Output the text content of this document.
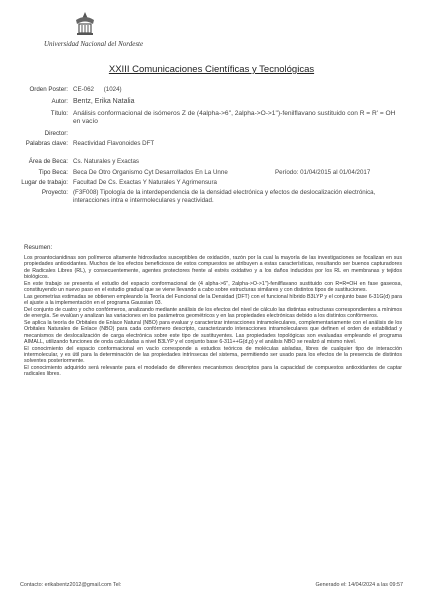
Universidad Nacional del Nordeste
XXIII Comunicaciones Científicas y Tecnológicas
Orden Poster: CE-062 (1024)
Autor: Bentz, Erika Natalia
Título: Análisis conformacional de isómeros Z de (4alpha->6'', 2alpha->O->1'')-fenilflavano sustituido con R = R' = OH en vacío
Director:
Palabras clave: Reactividad Flavonoides DFT
Área de Beca: Cs. Naturales y Exactas
Tipo Beca: Beca De Otro Organismo Cyt Desarrollados En La Unne	Período: 01/04/2015 al 01/04/2017
Lugar de trabajo: Facultad De Cs. Exactas Y Naturales Y Agrimensura
Proyecto: (F3F008) Tipología de la interdependencia de la densidad electrónica y efectos de deslocalización electrónica, interacciones intra e intermoleculares y reactividad.
Resumen:

Los proantocianidinas son polímeros altamente hidroxilados susceptibles de oxidación, razón por la cual la mayoría de las investigaciones se focalizan en sus propiedades antioxidantes. Muchos de los efectos beneficiosos de estos compuestos se atribuyen a estas características, resultando ser buenos capturadores de Radicales Libres (RL), y consecuentemente, agentes protectores frente al estrés oxidativo y a los daños inducidos por los RL en membranas y tejidos biológicos.

En este trabajo se presenta el estudio del espacio conformacional de (4 alpha->6'', 2alpha->O->1'')-fenilflavano sustituido con R=R=OH en fase gaseosa, constituyendo un nuevo paso en el estudio gradual que se viene llevando a cabo sobre estructuras similares y con distintos tipos de sustituciones.

Las geometrías estimadas se obtienen empleando la Teoría del Funcional de la Densidad (DFT) con el funcional híbrido B3LYP y el conjunto base 6-31G(d) para el ajuste a la implementación en el programa Gaussian 03.

Del conjunto de cuatro y ocho confórmeros, analizando mediante análisis de los efectos del nivel de cálculo las distintas estructuras correspondientes a mínimos de energía. Se evalúan y analizan las variaciones en los parámetros geométricos y en las propiedades electrónicas debido a los distintos confórmeros.

Se aplica la teoría de Orbitales de Enlace Natural (NBO) para evaluar y caracterizar interacciones intramoleculares, complementariamente con el análisis de los Orbitales Naturales de Enlace (NBO) para cada confórmero descripto, caracterizando interacciones intramoleculares que definen el orden de estabilidad y mecanismos de deslocalización de carga electrónica sobre este tipo de sustituyentes. Las propiedades topológicas son evaluadas empleando el programa AIMALL, utilizando funciones de onda calculadas a nivel B3LYP y el conjunto base 6-311++G(d,p) y el análisis NBO se realizó al mismo nivel.

El conocimiento del espacio conformacional en vacío corresponde a estudios teóricos de moléculas aisladas, libres de cualquier tipo de interacción intermolecular, y es útil para la determinación de las propiedades intrínsecas del sistema, permitiendo ser usado para los efectos de la presencia de distintos solventes posteriormente.

El conocimiento adquirido será relevante para el modelado de diferentes mecanismos descriptos para la capacidad de compuestos antioxidantes de captar radicales libres.

Contacto: erikabentz2012@gmail.com Tel:	Generado el: 14/04/2024 a las 09:57
